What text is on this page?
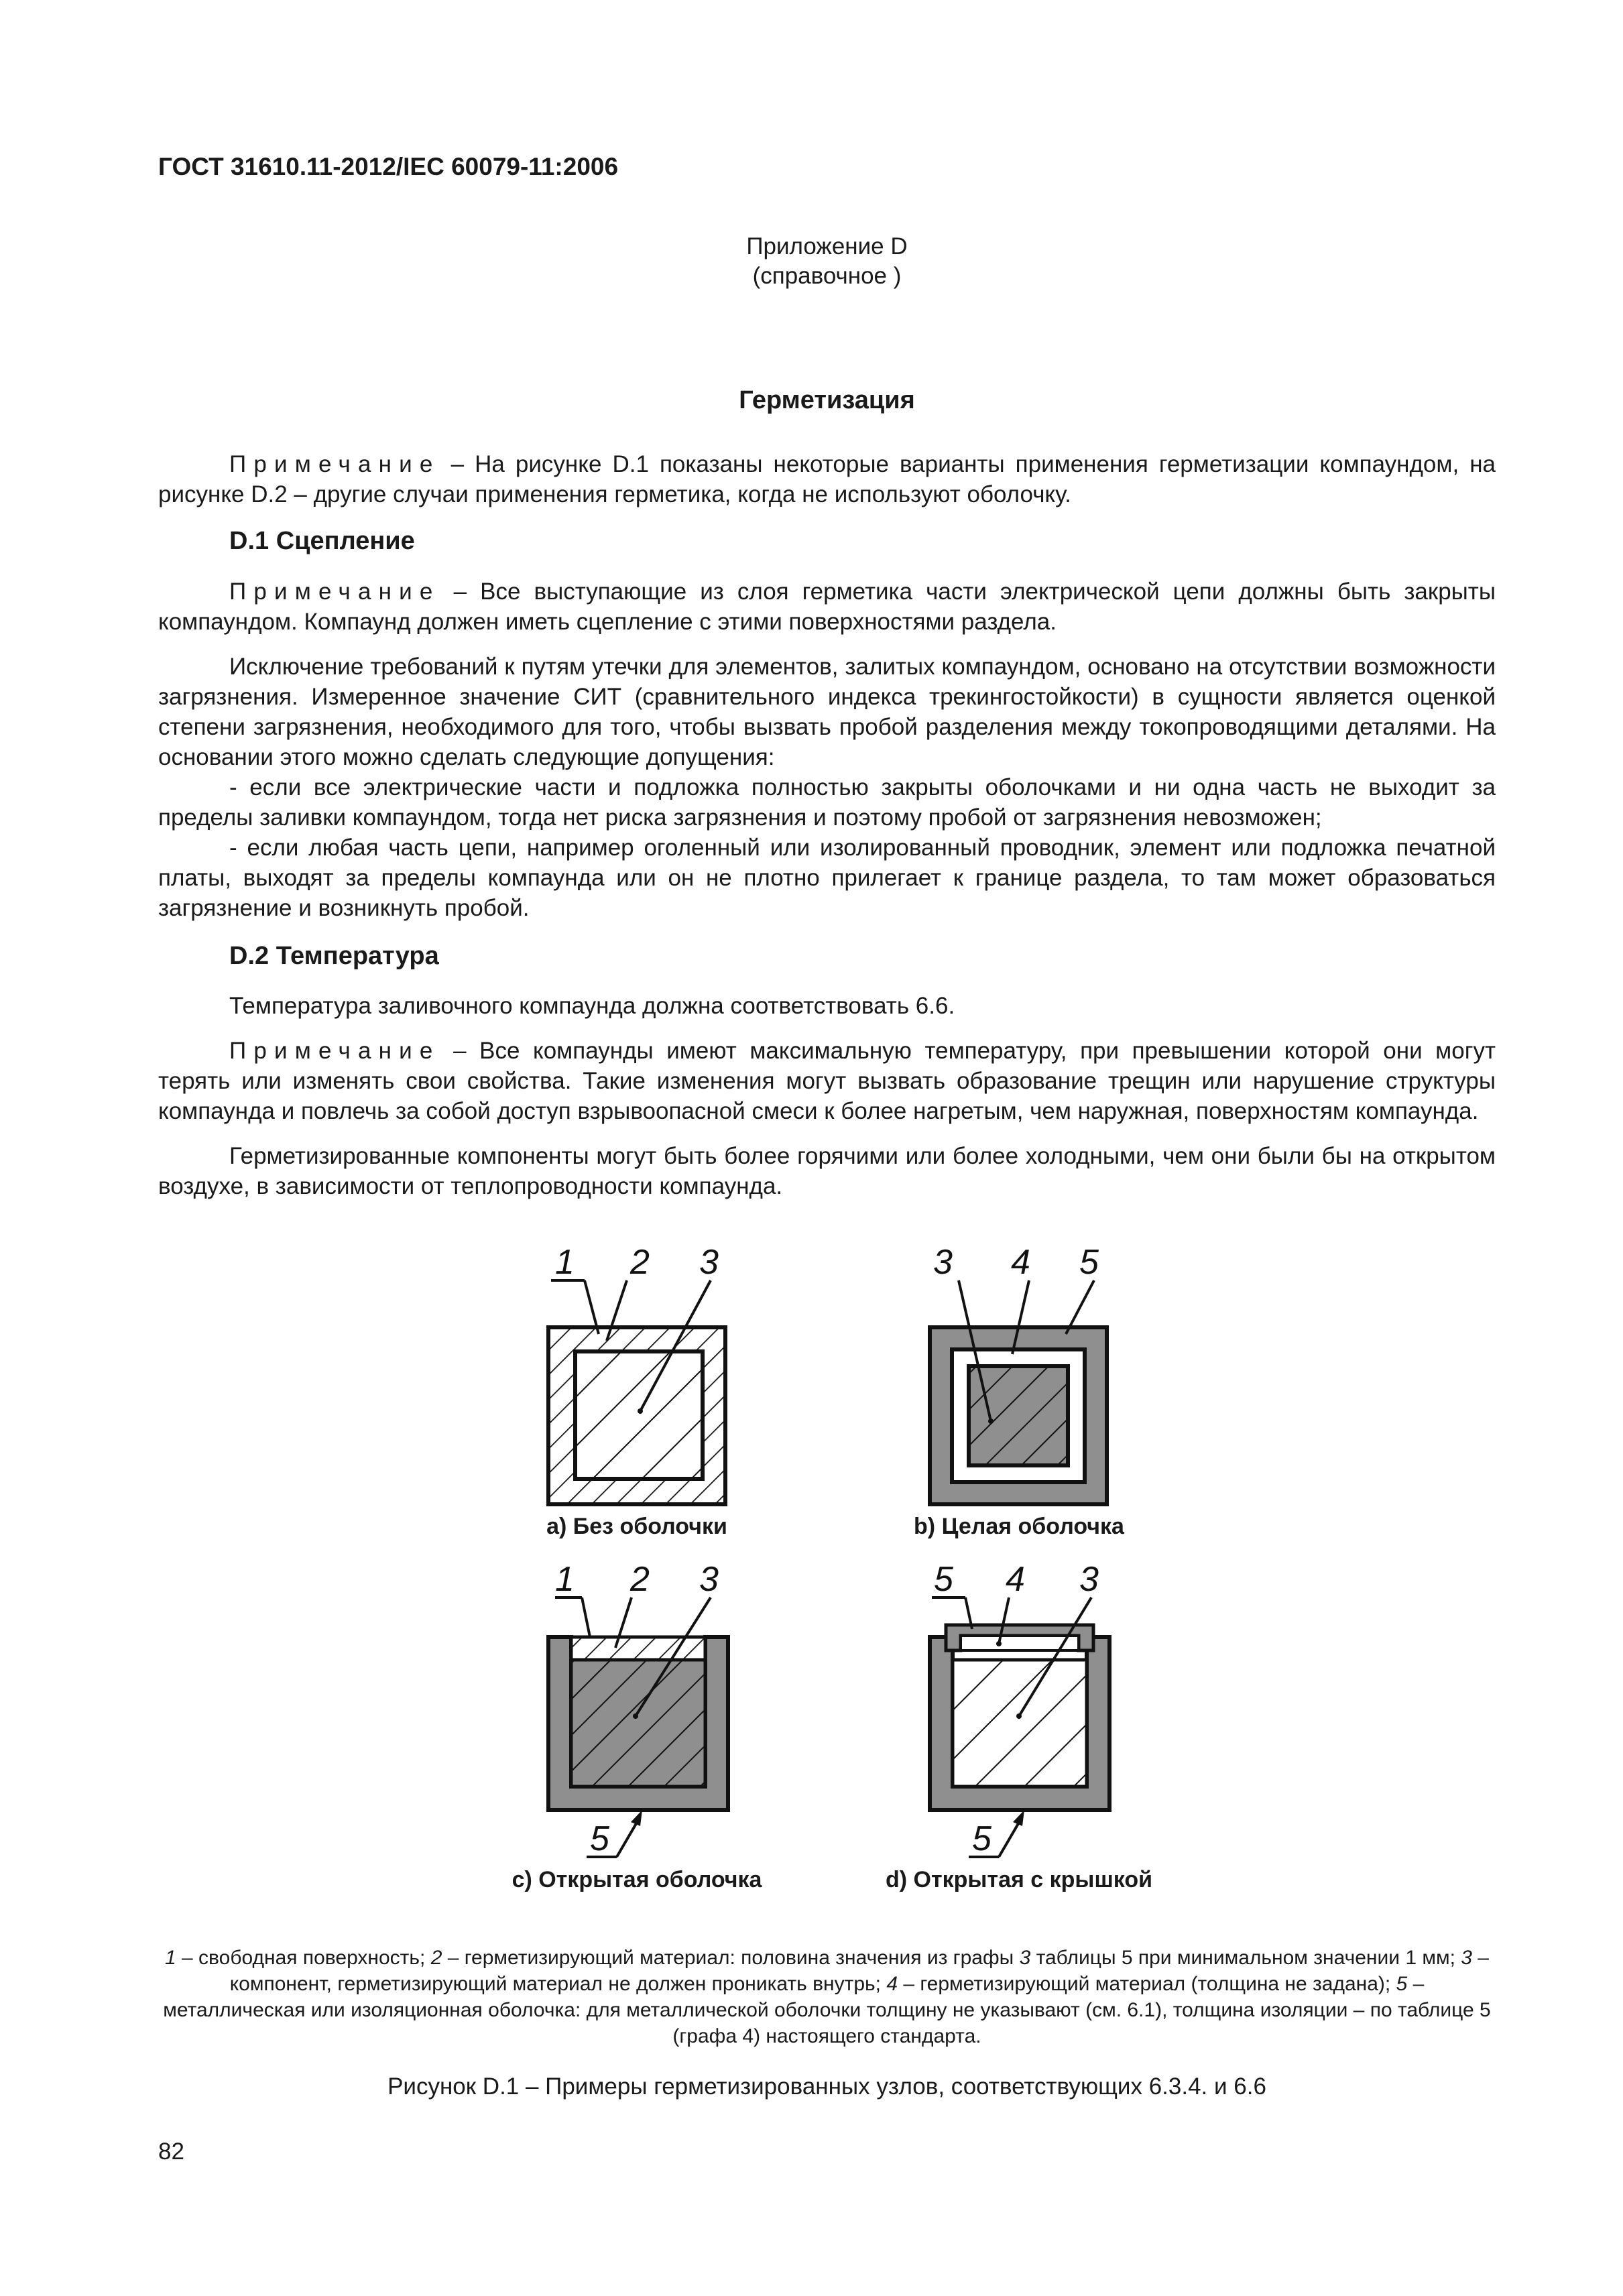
ГОСТ 31610.11-2012/IEC 60079-11:2006
Приложение D
(справочное )
Герметизация

Примечание – На рисунке D.1 показаны некоторые варианты применения герметизации компаундом, на рисунке D.2 – другие случаи применения герметика, когда не используют оболочку.

D.1 Сцепление

Примечание – Все выступающие из слоя герметика части электрической цепи должны быть закрыты компаундом. Компаунд должен иметь сцепление с этими поверхностями раздела.

Исключение требований к путям утечки для элементов, залитых компаундом, основано на отсутствии возможности загрязнения. Измеренное значение СИТ (сравнительного индекса трекингостойкости) в сущности является оценкой степени загрязнения, необходимого для того, чтобы вызвать пробой разделения между токопроводящими деталями. На основании этого можно сделать следующие допущения:

- если все электрические части и подложка полностью закрыты оболочками и ни одна часть не выходит за пределы заливки компаундом, тогда нет риска загрязнения и поэтому пробой от загрязнения невозможен;

- если любая часть цепи, например оголенный или изолированный проводник, элемент или подложка печатной платы, выходят за пределы компаунда или он не плотно прилегает к границе раздела, то там может образоваться загрязнение и возникнуть пробой.

D.2 Температура

Температура заливочного компаунда должна соответствовать 6.6.

Примечание – Все компаунды имеют максимальную температуру, при превышении которой они могут терять или изменять свои свойства. Такие изменения могут вызвать образование трещин или нарушение структуры компаунда и повлечь за собой доступ взрывоопасной смеси к более нагретым, чем наружная, поверхностям компаунда.

Герметизированные компоненты могут быть более горячими или более холодными, чем они были бы на открытом воздухе, в зависимости от теплопроводности компаунда.

1 2 3	3 4 5
1 2 3
5
5 4 3
5
a) Без оболочки	b) Целая оболочка
c) Открытая оболочка	d) Открытая с крышкой
1 – свободная поверхность; 2 – герметизирующий материал: половина значения из графы 3 таблицы 5 при минимальном значении 1 мм; 3 – компонент, герметизирующий материал не должен проникать внутрь; 4 – герметизирующий материал (толщина не задана); 5 – металлическая или изоляционная оболочка: для металлической оболочки толщину не указывают (см. 6.1), толщина изоляции – по таблице 5 (графа 4) настоящего стандарта.
Рисунок D.1 – Примеры герметизированных узлов, соответствующих 6.3.4. и 6.6
82
